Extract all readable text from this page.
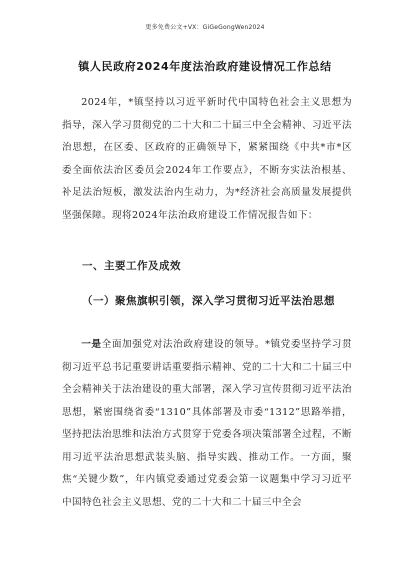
更多免费公文+VX：GiGeGongWen2024
镇人民政府2024年度法治政府建设情况工作总结

2024年，*镇坚持以习近平新时代中国特色社会主义思想为指导，深入学习贯彻党的二十大和二十届三中全会精神、习近平法治思想，在区委、区政府的正确领导下，紧紧围绕《中共*市*区委全面依法治区委员会2024年工作要点》，不断夯实法治根基、补足法治短板，激发法治内生动力，为*经济社会高质量发展提供坚强保障。现将2024年法治政府建设工作情况报告如下：

一、主要工作及成效
（一）聚焦旗帜引领，深入学习贯彻习近平法治思想

一是全面加强党对法治政府建设的领导。*镇党委坚持学习贯彻习近平总书记重要讲话重要指示精神、党的二十大和二十届三中全会精神关于法治建设的重大部署，深入学习宣传贯彻习近平法治思想，紧密围绕省委“1310”具体部署及市委“1312”思路举措，坚持把法治思维和法治方式贯穿于党委各项决策部署全过程，不断用习近平法治思想武装头脑、指导实践、推动工作。一方面，聚焦“关键少数”，年内镇党委通过党委会第一议题集中学习习近平中国特色社会主义思想、党的二十大和二十届三中全会
